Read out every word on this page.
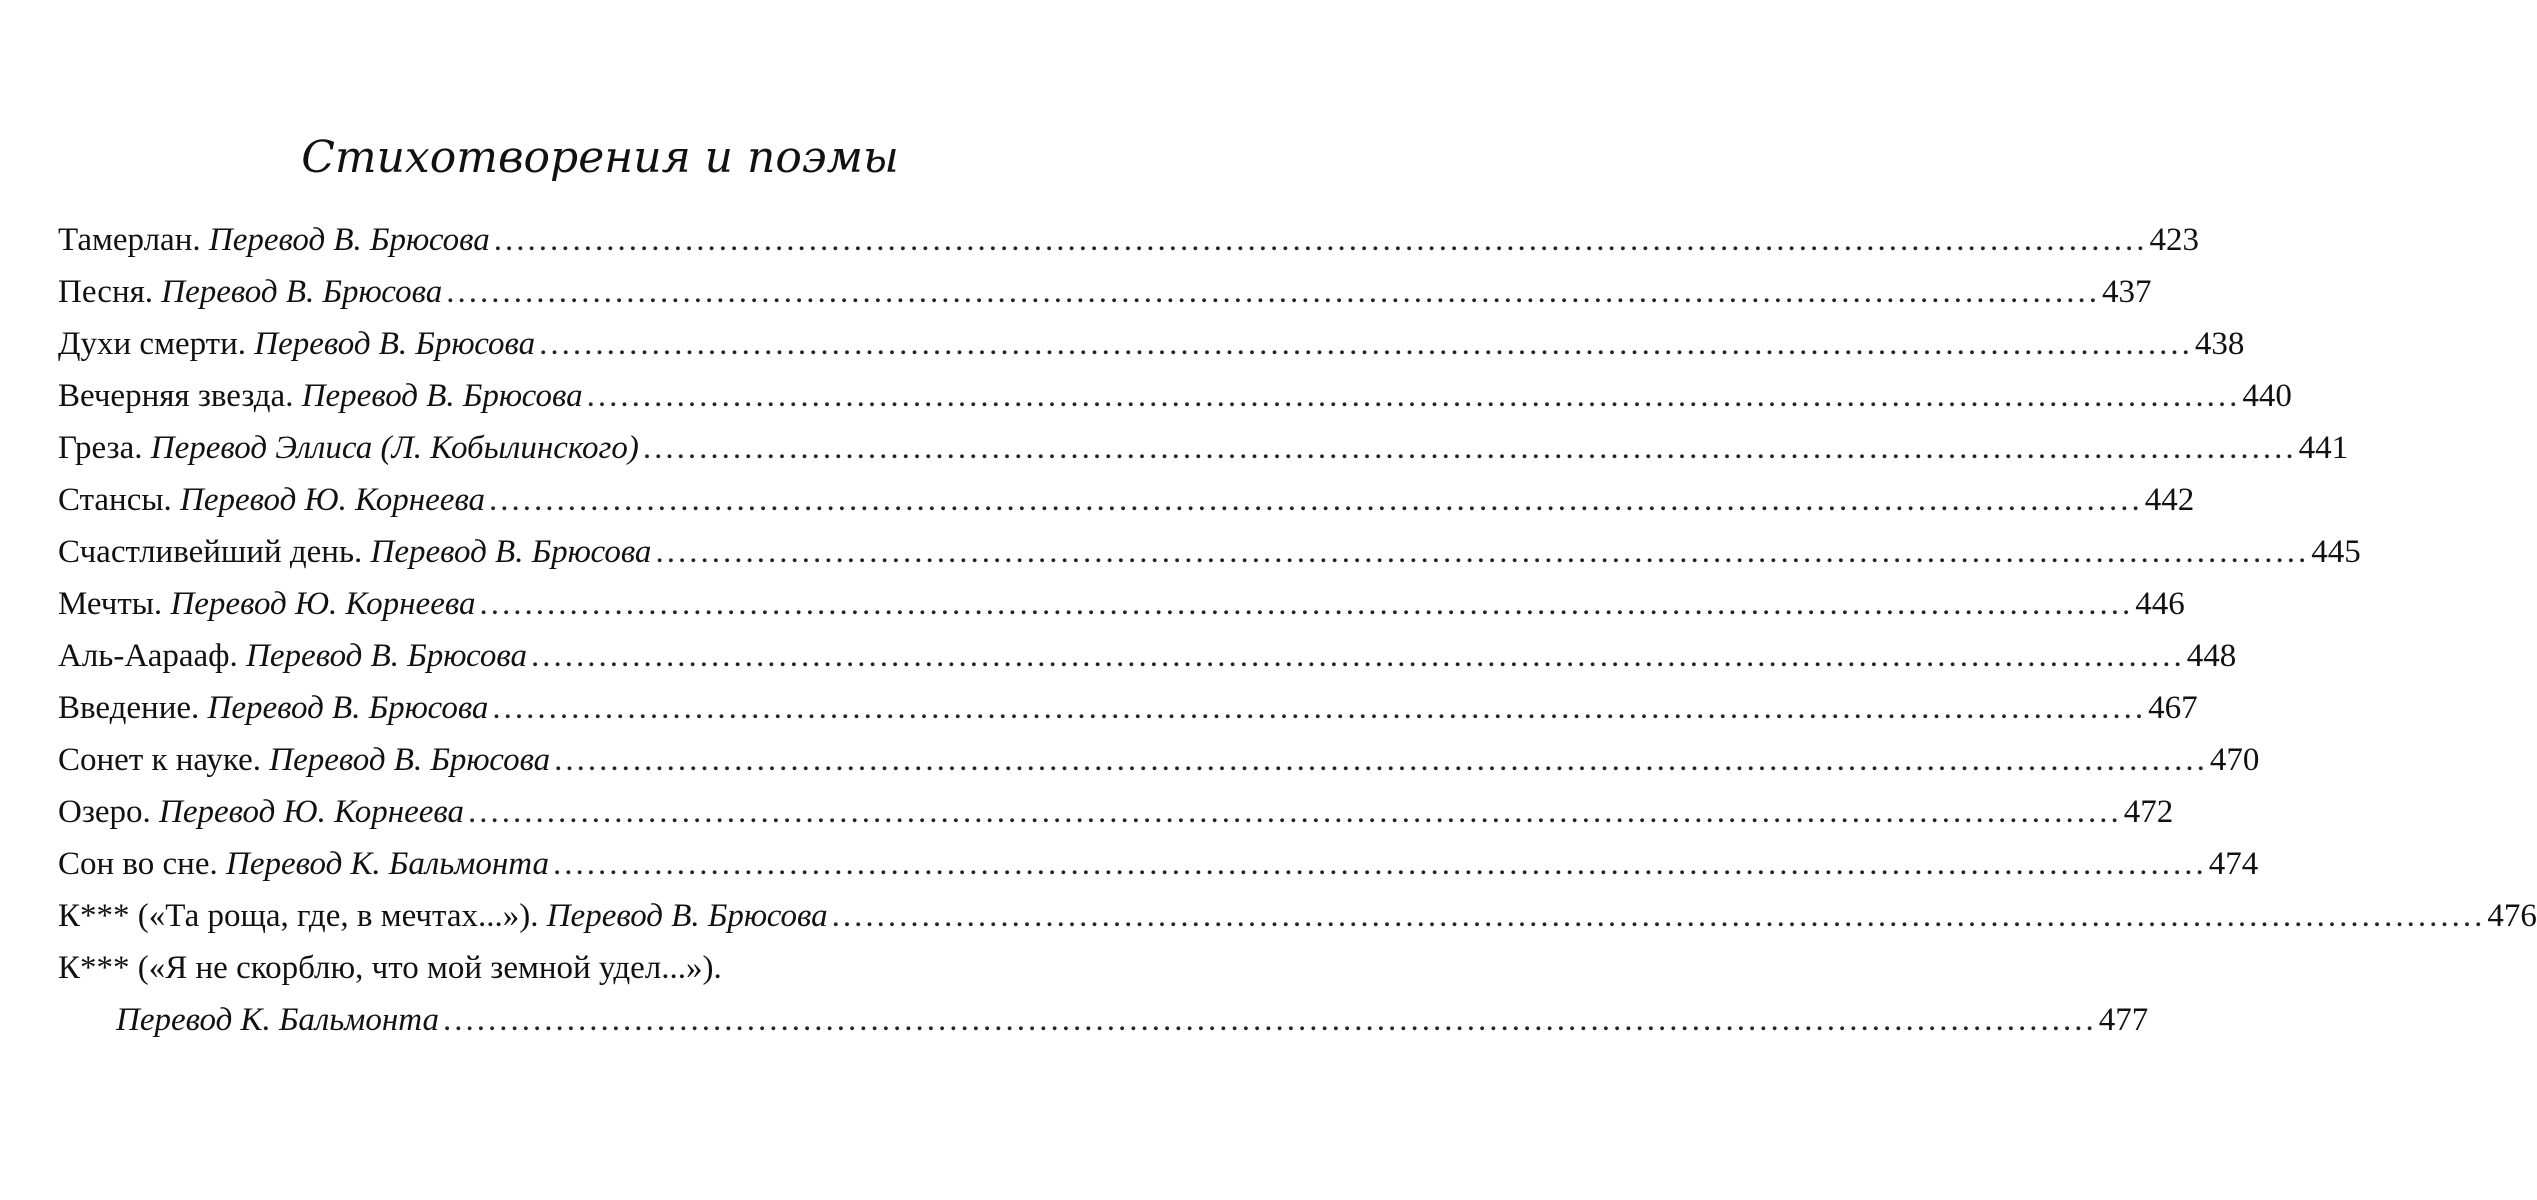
Стихотворения и поэмы
Тамерлан.
Перевод В. Брюсова ................................................................................................................................................... 423
Песня.
Перевод В. Брюсова ................................................................................................................................................... 437
Духи смерти.
Перевод В. Брюсова ................................................................................................................................................... 438
Вечерняя звезда.
Перевод В. Брюсова ................................................................................................................................................... 440
Греза.
Перевод Эллиса (Л. Кобылинского) ................................................................................................................................................... 441
Стансы.
Перевод Ю. Корнеева ................................................................................................................................................... 442
Счастливейший день.
Перевод В. Брюсова ................................................................................................................................................... 445
Мечты.
Перевод Ю. Корнеева ................................................................................................................................................... 446
Аль-Аарааф.
Перевод В. Брюсова ................................................................................................................................................... 448
Введение.
Перевод В. Брюсова ................................................................................................................................................... 467
Сонет к науке.
Перевод В. Брюсова ................................................................................................................................................... 470
Озеро.
Перевод Ю. Корнеева ................................................................................................................................................... 472
Сон во сне.
Перевод К. Бальмонта ................................................................................................................................................... 474
К*** («Та роща, где, в мечтах...»).
Перевод В. Брюсова ................................................................................................................................................... 476
К*** («Я не скорблю, что мой земной удел...»).
Перевод К. Бальмонта ................................................................................................................................................... 477
